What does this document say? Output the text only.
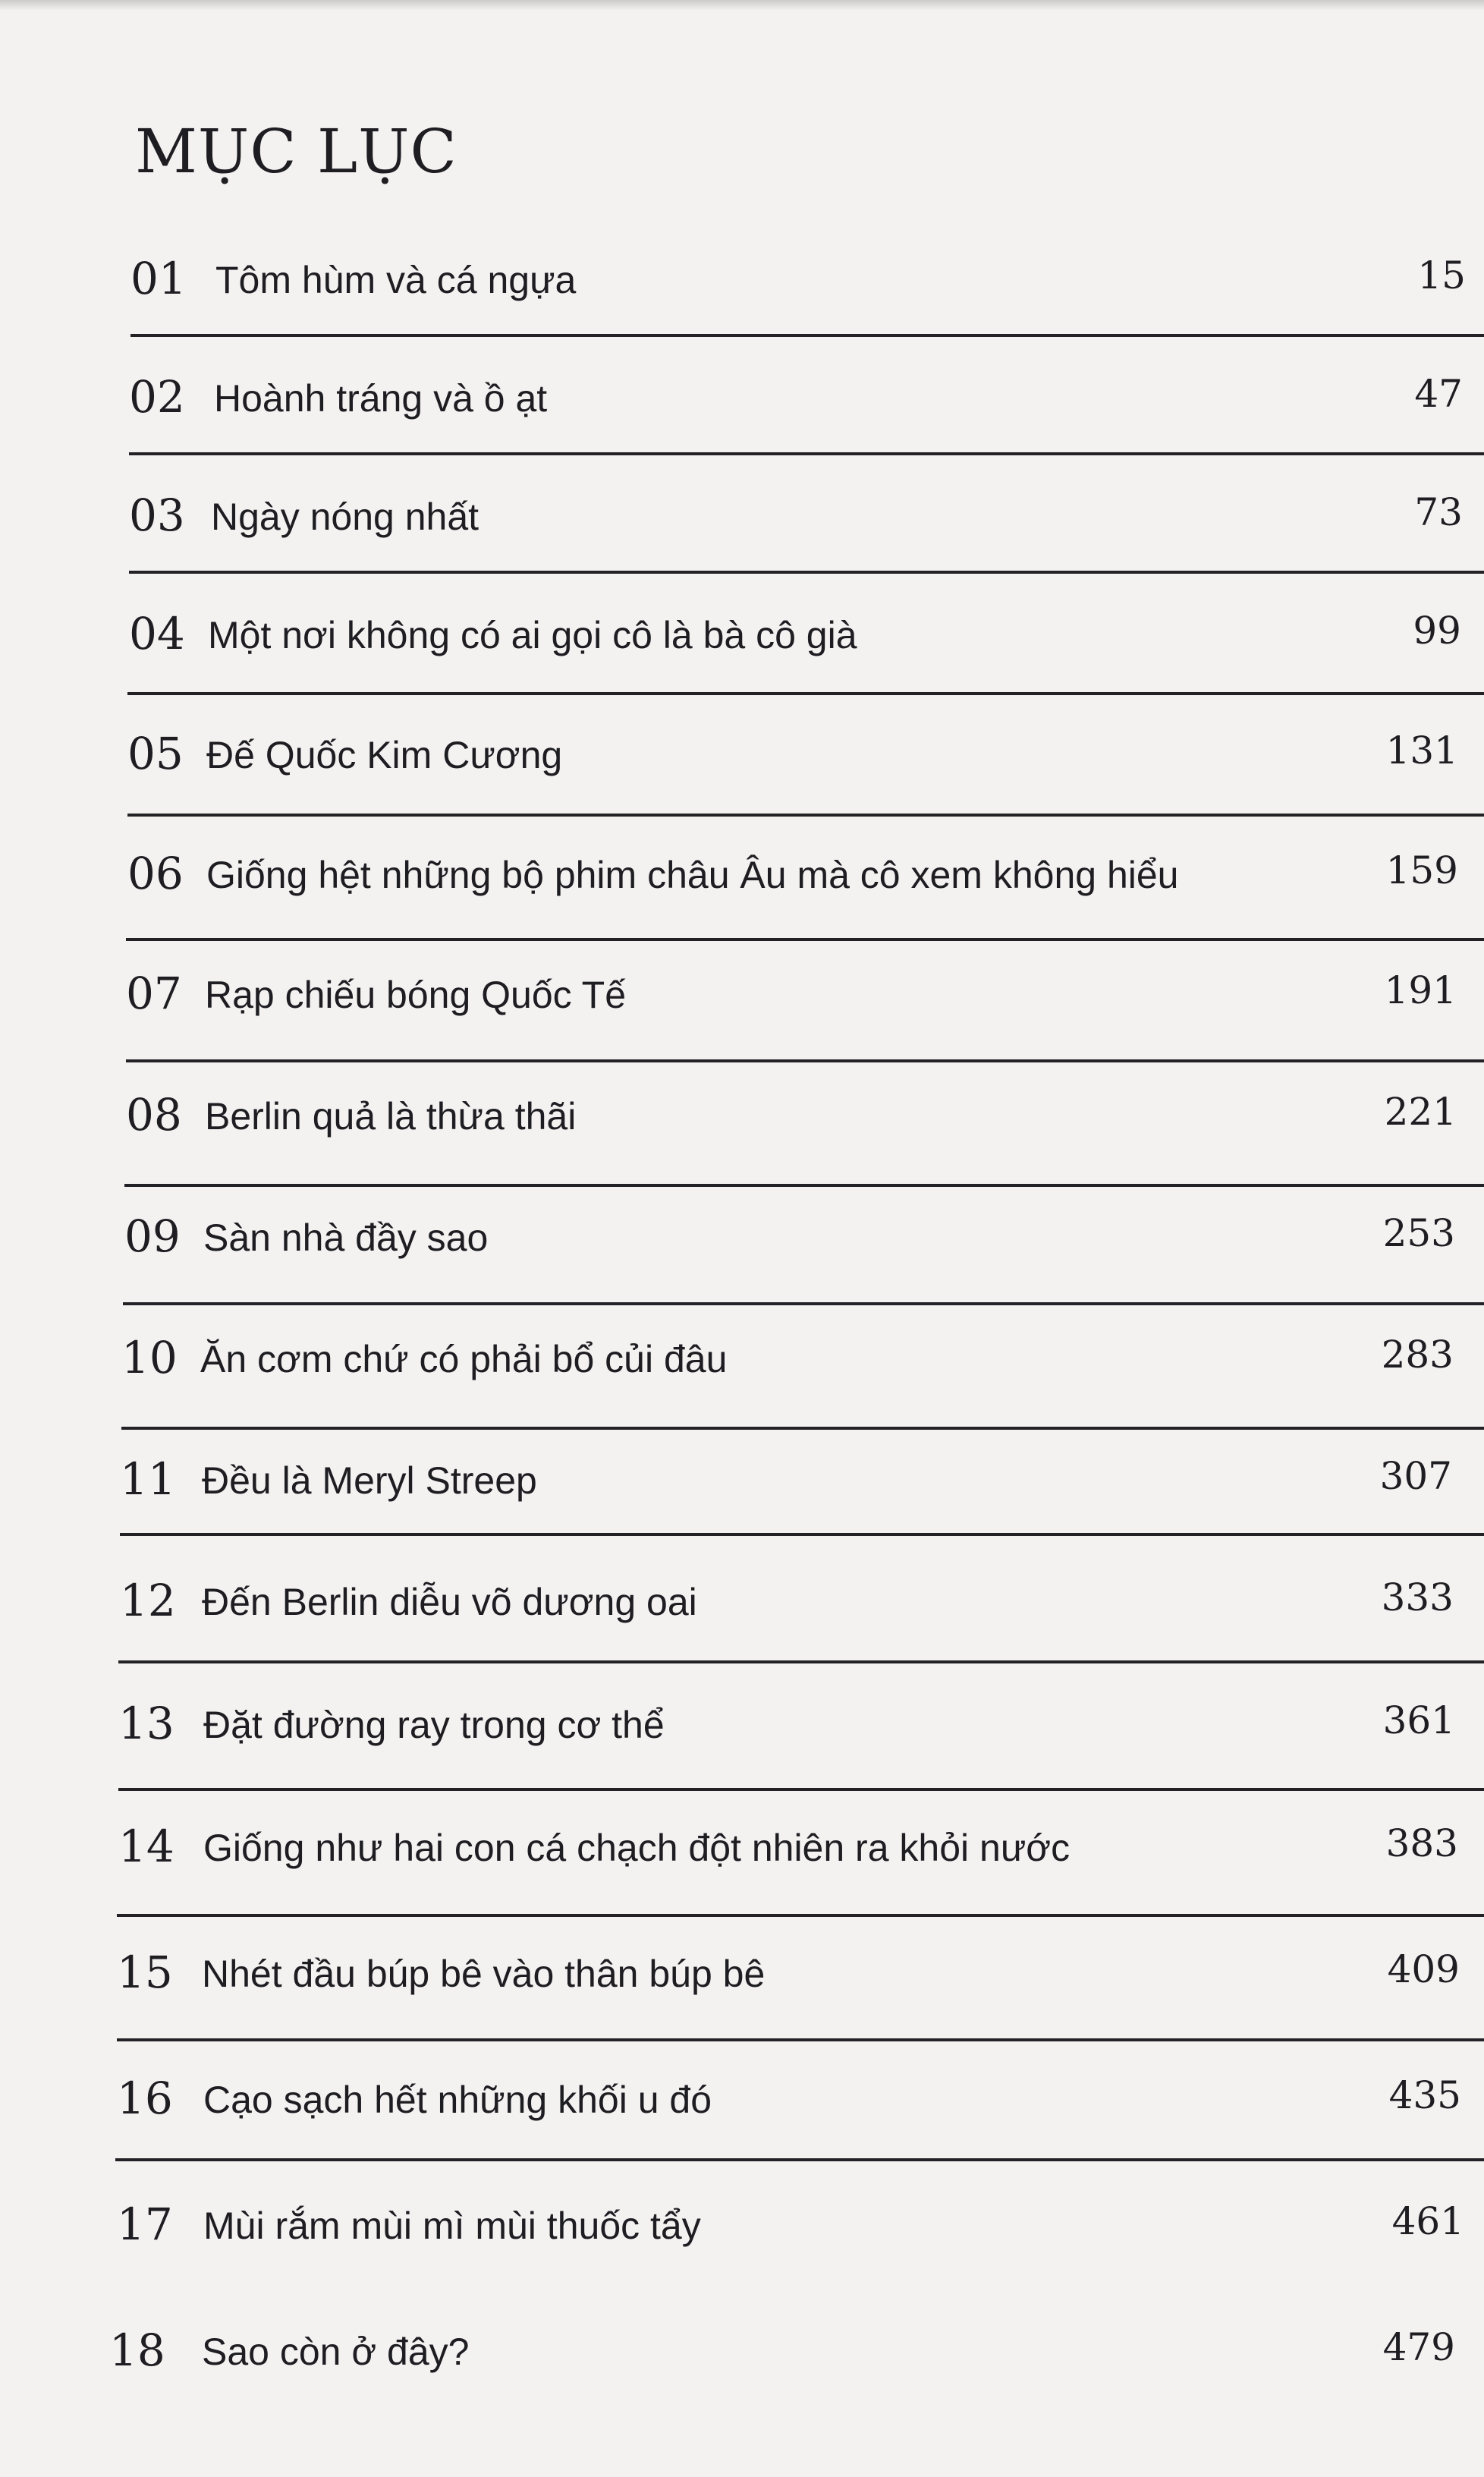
MỤC LỤC
01 Tôm hùm và cá ngựa	15
02 Hoành tráng và ồ ạt	47
03 Ngày nóng nhất	73
04 Một nơi không có ai gọi cô là bà cô già	99
05 Đế Quốc Kim Cương	131
06 Giống hệt những bộ phim châu Âu mà cô xem không hiểu	159
07 Rạp chiếu bóng Quốc Tế	191
08 Berlin quả là thừa thãi	221
09 Sàn nhà đầy sao	253
10 Ăn cơm chứ có phải bổ củi đâu	283
11 Đều là Meryl Streep	307
12 Đến Berlin diễu võ dương oai	333
13 Đặt đường ray trong cơ thể	361
14 Giống như hai con cá chạch đột nhiên ra khỏi nước	383
15 Nhét đầu búp bê vào thân búp bê	409
16 Cạo sạch hết những khối u đó	435
17 Mùi rắm mùi mì mùi thuốc tẩy	461
18 Sao còn ở đây?	479
